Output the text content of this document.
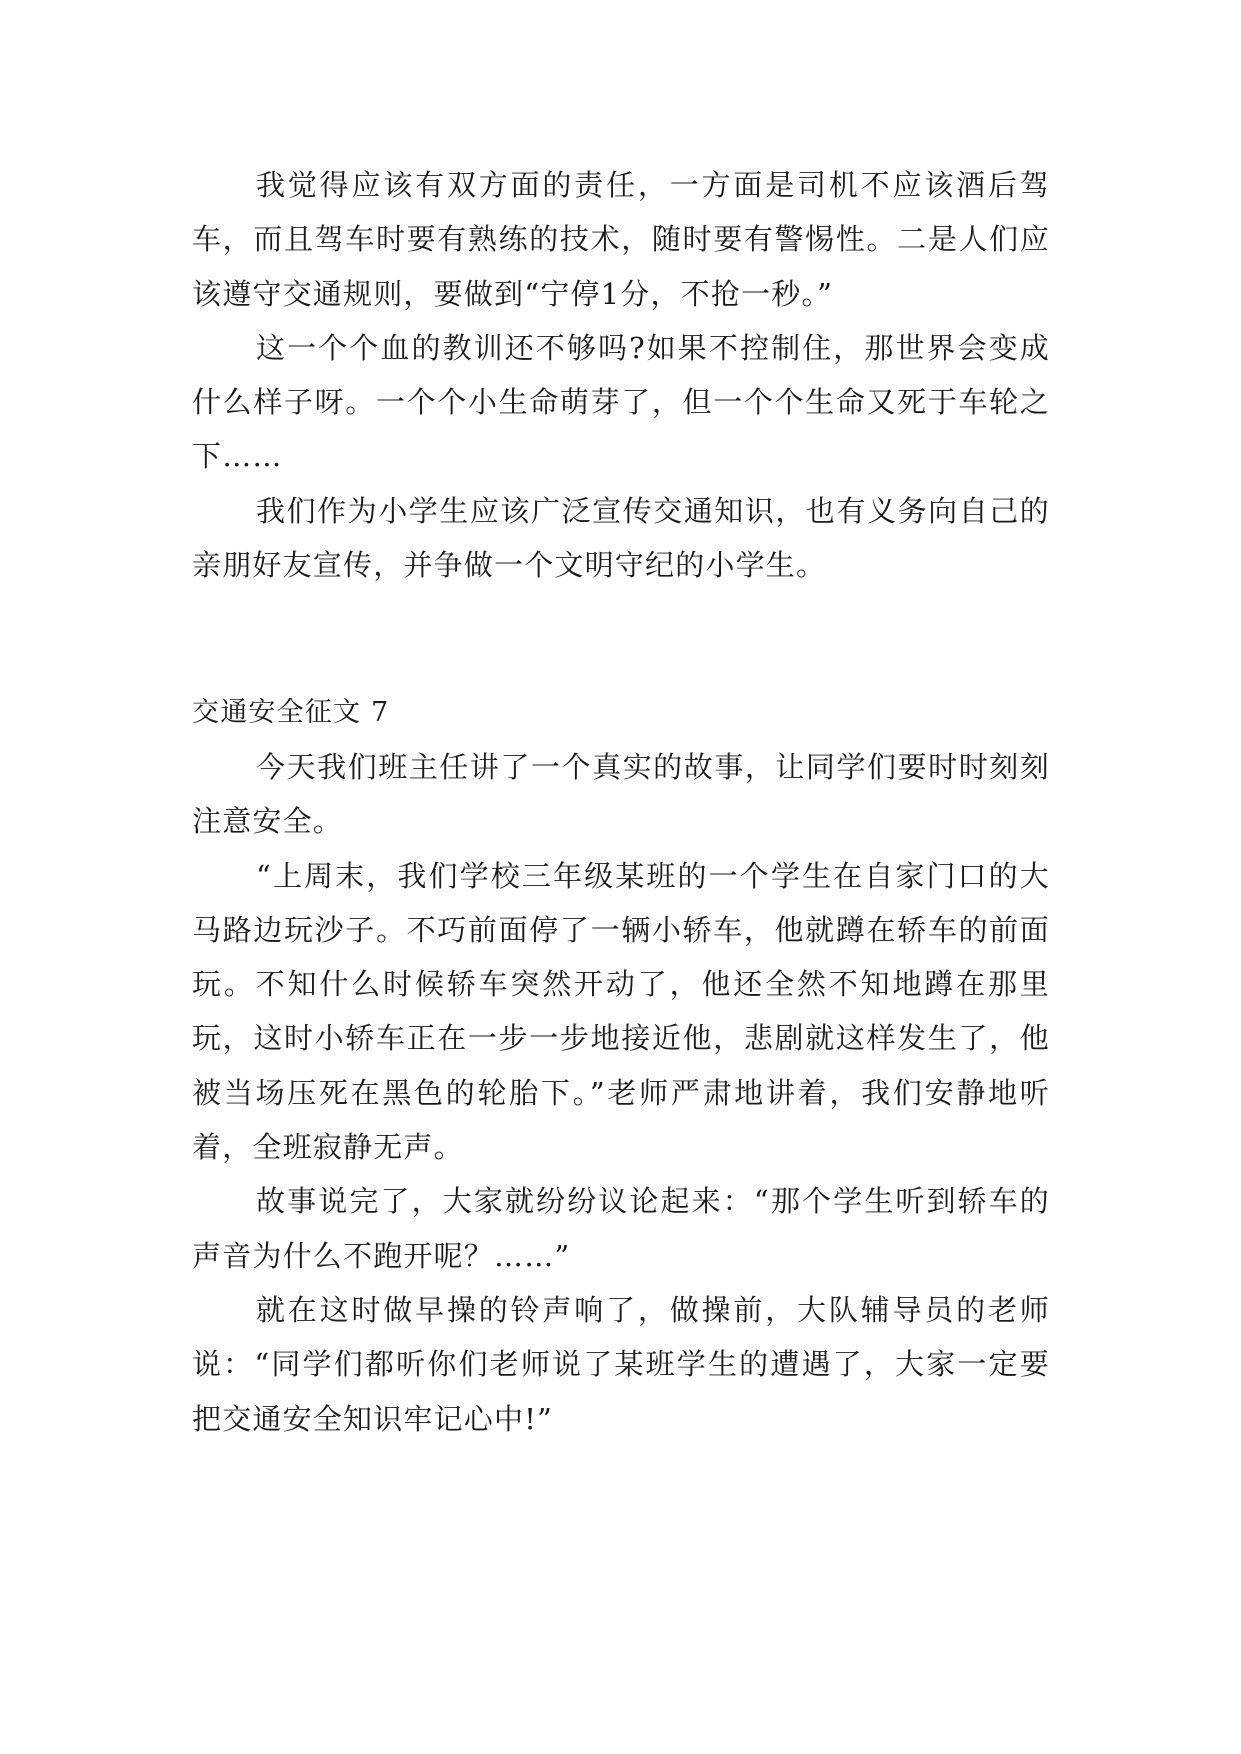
我觉得应该有双方面的责任，一方面是司机不应该酒后驾车，而且驾车时要有熟练的技术，随时要有警惕性。二是人们应该遵守交通规则，要做到“宁停1分，不抢一秒。”

这一个个血的教训还不够吗?如果不控制住，那世界会变成什么样子呀。一个个小生命萌芽了，但一个个生命又死于车轮之下……

我们作为小学生应该广泛宣传交通知识，也有义务向自己的亲朋好友宣传，并争做一个文明守纪的小学生。

交通安全征文 7

今天我们班主任讲了一个真实的故事，让同学们要时时刻刻注意安全。

“上周末，我们学校三年级某班的一个学生在自家门口的大马路边玩沙子。不巧前面停了一辆小轿车，他就蹲在轿车的前面玩。不知什么时候轿车突然开动了，他还全然不知地蹲在那里玩，这时小轿车正在一步一步地接近他，悲剧就这样发生了，他被当场压死在黑色的轮胎下。”老师严肃地讲着，我们安静地听着，全班寂静无声。

故事说完了，大家就纷纷议论起来：“那个学生听到轿车的声音为什么不跑开呢？……”

就在这时做早操的铃声响了，做操前，大队辅导员的老师说：“同学们都听你们老师说了某班学生的遭遇了，大家一定要把交通安全知识牢记心中!”
